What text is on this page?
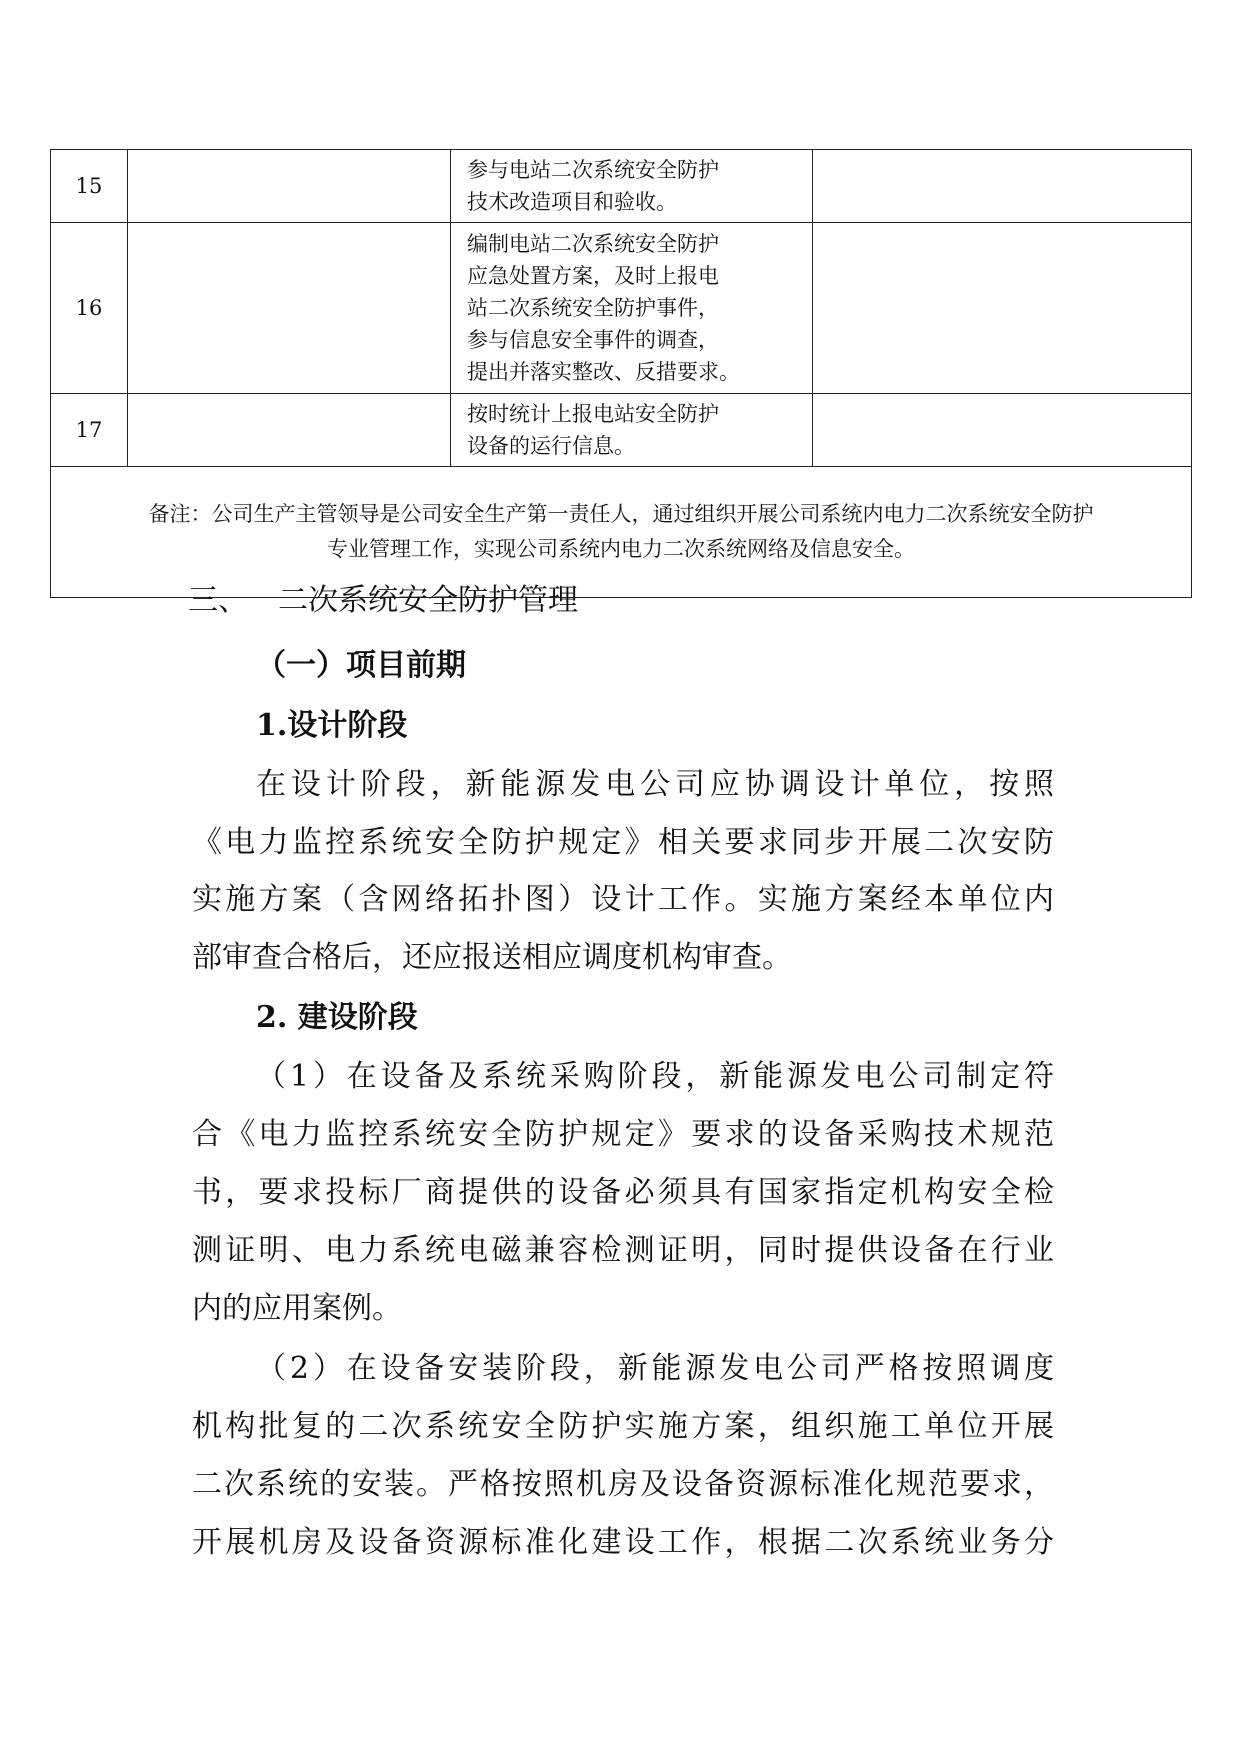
15		参与电站二次系统安全防护
技术改造项目和验收。	

16		编制电站二次系统安全防护
应急处置方案，及时上报电
站二次系统安全防护事件，
参与信息安全事件的调查，
提出并落实整改、反措要求。	

17		按时统计上报电站安全防护
设备的运行信息。	

备注：公司生产主管领导是公司安全生产第一责任人，通过组织开展公司系统内电力二次系统安全防护
专业管理工作，实现公司系统内电力二次系统网络及信息安全。			
三、 二次系统安全防护管理
（一）项目前期
1.设计阶段
在设计阶段，新能源发电公司应协调设计单位，按照
《电力监控系统安全防护规定》相关要求同步开展二次安防
实施方案（含网络拓扑图）设计工作。实施方案经本单位内
部审查合格后，还应报送相应调度机构审查。
2. 建设阶段
（1）在设备及系统采购阶段，新能源发电公司制定符
合《电力监控系统安全防护规定》要求的设备采购技术规范
书，要求投标厂商提供的设备必须具有国家指定机构安全检
测证明、电力系统电磁兼容检测证明，同时提供设备在行业
内的应用案例。
（2）在设备安装阶段，新能源发电公司严格按照调度
机构批复的二次系统安全防护实施方案，组织施工单位开展
二次系统的安装。严格按照机房及设备资源标准化规范要求，
开展机房及设备资源标准化建设工作，根据二次系统业务分
